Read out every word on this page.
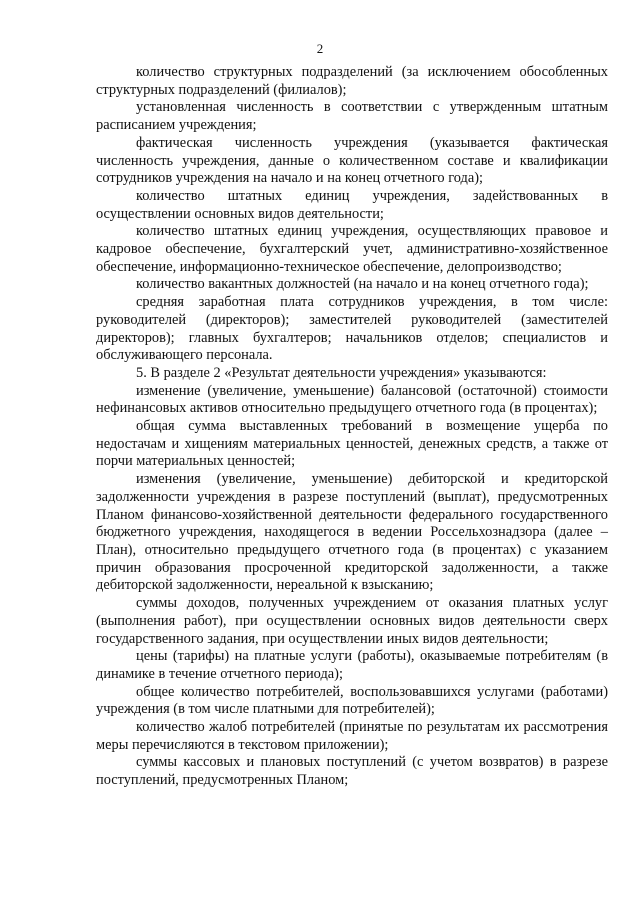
2

количество структурных подразделений (за исключением обособленных структурных подразделений (филиалов);

установленная численность в соответствии с утвержденным штатным расписанием учреждения;

фактическая численность учреждения (указывается фактическая численность учреждения, данные о количественном составе и квалификации сотрудников учреждения на начало и на конец отчетного года);

количество штатных единиц учреждения, задействованных в осуществлении основных видов деятельности;

количество штатных единиц учреждения, осуществляющих правовое и кадровое обеспечение, бухгалтерский учет, административно-хозяйственное обеспечение, информационно-техническое обеспечение, делопроизводство;

количество вакантных должностей (на начало и на конец отчетного года);

средняя заработная плата сотрудников учреждения, в том числе: руководителей (директоров); заместителей руководителей (заместителей директоров); главных бухгалтеров; начальников отделов; специалистов и обслуживающего персонала.

5. В разделе 2 «Результат деятельности учреждения» указываются:

изменение (увеличение, уменьшение) балансовой (остаточной) стоимости нефинансовых активов относительно предыдущего отчетного года (в процентах);

общая сумма выставленных требований в возмещение ущерба по недостачам и хищениям материальных ценностей, денежных средств, а также от порчи материальных ценностей;

изменения (увеличение, уменьшение) дебиторской и кредиторской задолженности учреждения в разрезе поступлений (выплат), предусмотренных Планом финансово-хозяйственной деятельности федерального государственного бюджетного учреждения, находящегося в ведении Россельхознадзора (далее – План), относительно предыдущего отчетного года (в процентах) с указанием причин образования просроченной кредиторской задолженности, а также дебиторской задолженности, нереальной к взысканию;

суммы доходов, полученных учреждением от оказания платных услуг (выполнения работ), при осуществлении основных видов деятельности сверх государственного задания, при осуществлении иных видов деятельности;

цены (тарифы) на платные услуги (работы), оказываемые потребителям (в динамике в течение отчетного периода);

общее количество потребителей, воспользовавшихся услугами (работами) учреждения (в том числе платными для потребителей);

количество жалоб потребителей (принятые по результатам их рассмотрения меры перечисляются в текстовом приложении);

суммы кассовых и плановых поступлений (с учетом возвратов) в разрезе поступлений, предусмотренных Планом;
